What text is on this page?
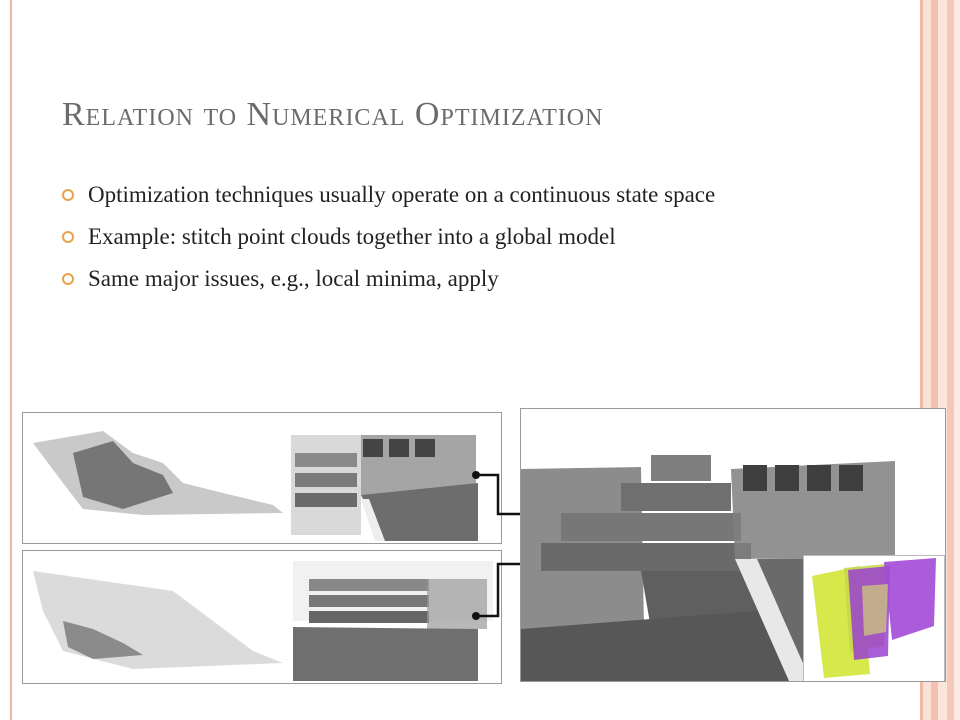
Relation to Numerical Optimization
Optimization techniques usually operate on a continuous state space
Example: stitch point clouds together into a global model
Same major issues, e.g., local minima, apply
